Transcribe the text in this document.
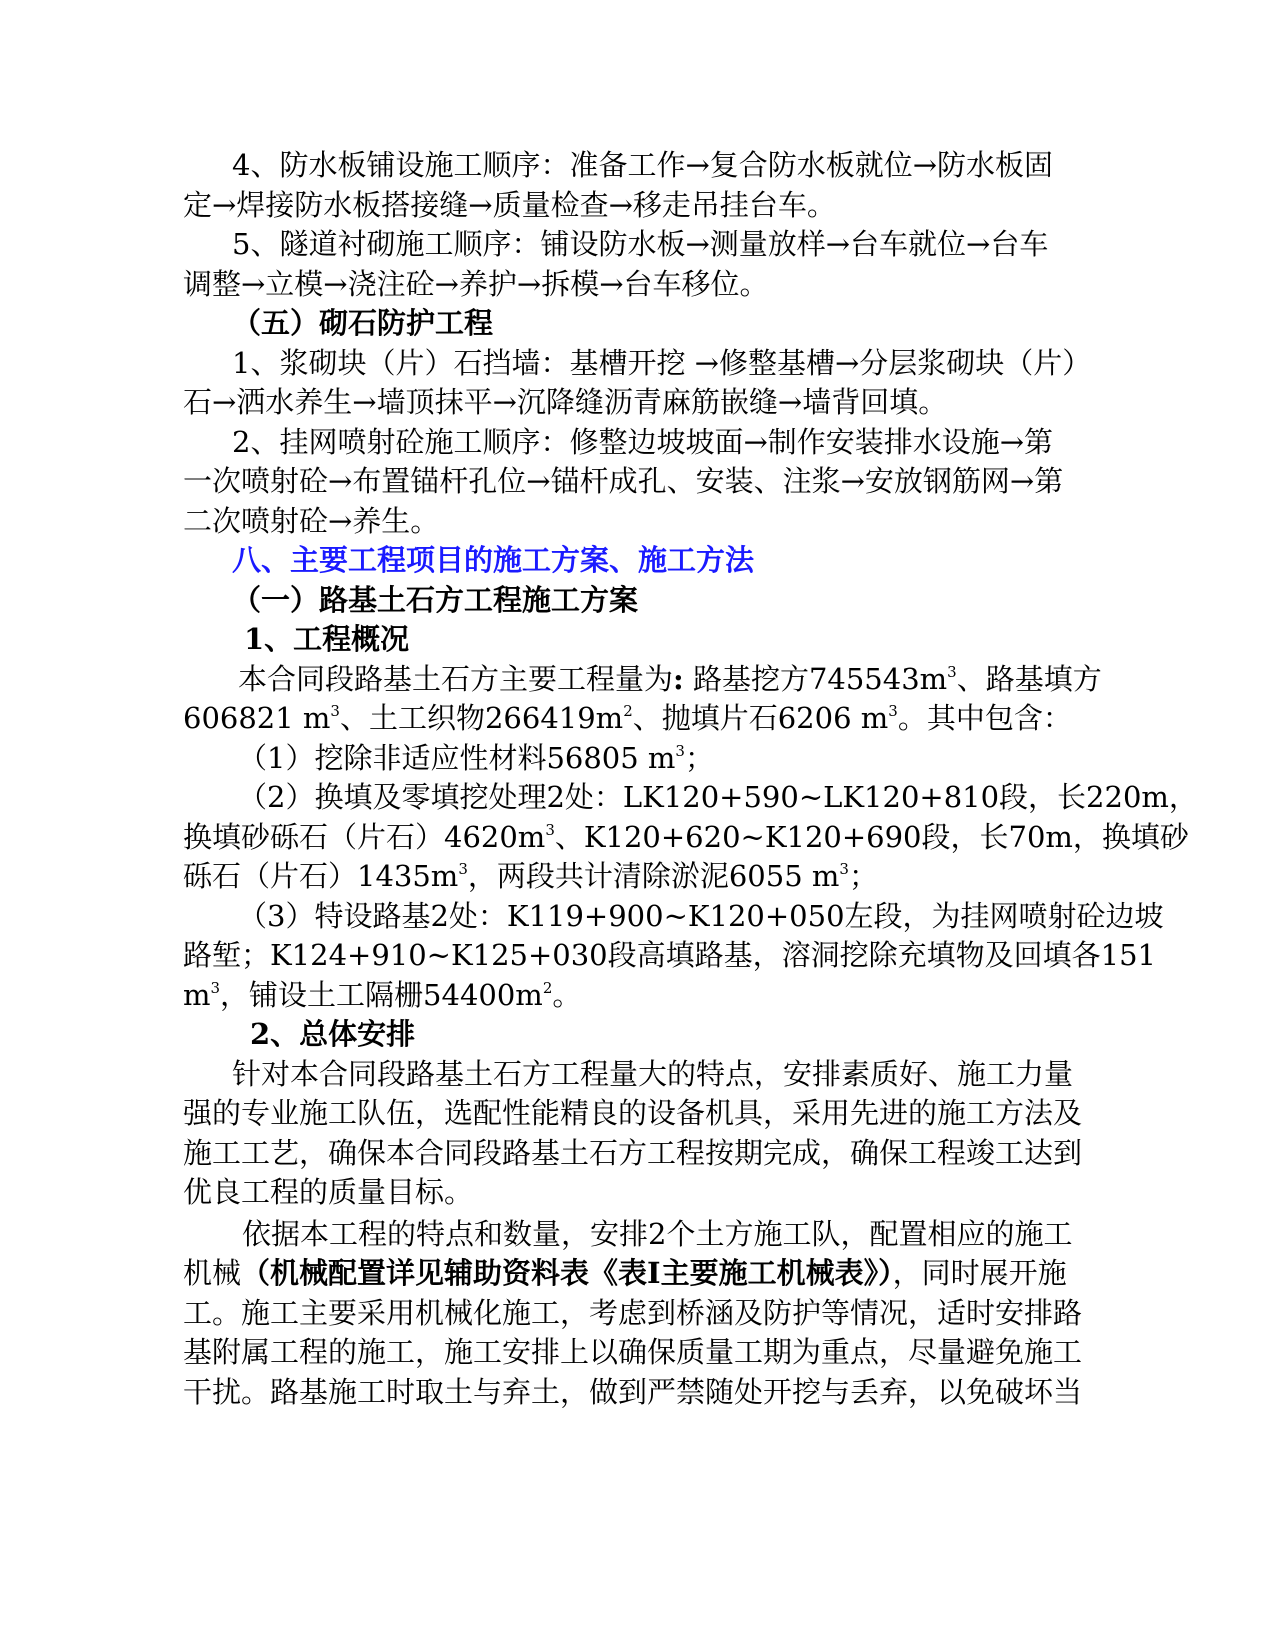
4、防水板铺设施工顺序：准备工作→复合防水板就位→防水板固

定→焊接防水板搭接缝→质量检查→移走吊挂台车。

5、隧道衬砌施工顺序：铺设防水板→测量放样→台车就位→台车

调整→立模→浇注砼→养护→拆模→台车移位。

（五）砌石防护工程

1、浆砌块（片）石挡墙：基槽开挖 →修整基槽→分层浆砌块（片）

石→洒水养生→墙顶抹平→沉降缝沥青麻筋嵌缝→墙背回填。

2、挂网喷射砼施工顺序：修整边坡坡面→制作安装排水设施→第

一次喷射砼→布置锚杆孔位→锚杆成孔、安装、注浆→安放钢筋网→第

二次喷射砼→养生。

八、主要工程项目的施工方案、施工方法

（一）路基土石方工程施工方案

1、工程概况

本合同段路基土石方主要工程量为: 路基挖方$745543m^3$、路基填方

606821 $m^3$、土工织物$266419m^2$、抛填片石6206 $m^3$。其中包含：

（1）挖除非适应性材料56805 $m^3$；

（2）换填及零填挖处理2处：LK120+590~LK120+810段，长220m，

换填砂砾石（片石）$4620m^3$、K120+620~K120+690段，长70m，换填砂

砾石（片石）$1435m^3$，两段共计清除淤泥6055 $m^3$；

（3）特设路基2处：K119+900~K120+050左段，为挂网喷射砼边坡

路堑；K124+910~K125+030段高填路基，溶洞挖除充填物及回填各151

$m^3$，铺设土工隔栅$54400m^2$。

2、总体安排

针对本合同段路基土石方工程量大的特点，安排素质好、施工力量

强的专业施工队伍，选配性能精良的设备机具，采用先进的施工方法及

施工工艺，确保本合同段路基土石方工程按期完成，确保工程竣工达到

优良工程的质量目标。

依据本工程的特点和数量，安排2个土方施工队，配置相应的施工

机械（机械配置详见辅助资料表《表I主要施工机械表》），同时展开施

工。施工主要采用机械化施工，考虑到桥涵及防护等情况，适时安排路

基附属工程的施工，施工安排上以确保质量工期为重点，尽量避免施工

干扰。路基施工时取土与弃土，做到严禁随处开挖与丢弃，以免破坏当
